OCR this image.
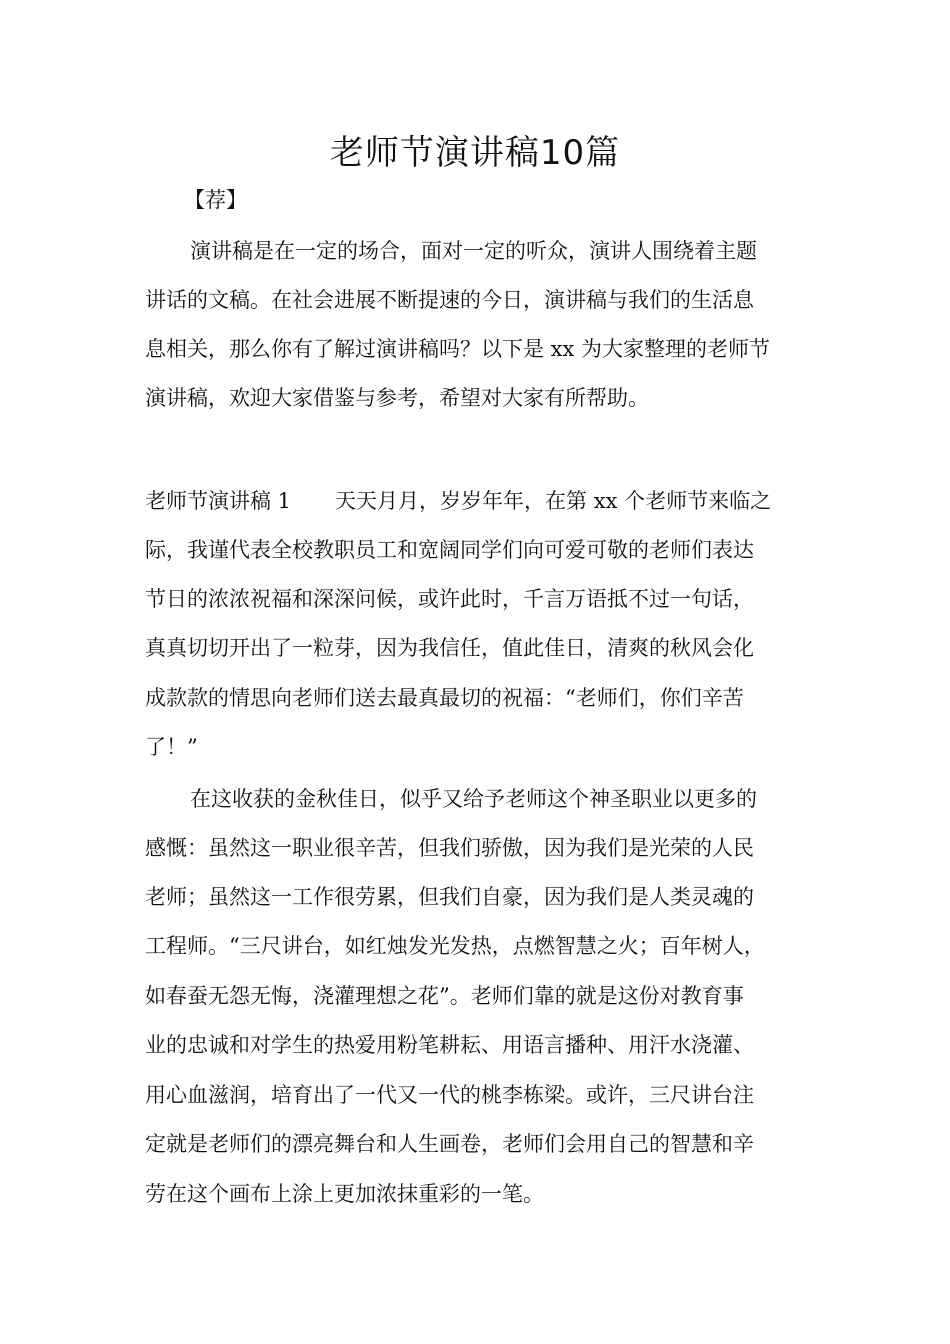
老师节演讲稿10篇
【荐】
演讲稿是在一定的场合，面对一定的听众，演讲人围绕着主题
讲话的文稿。在社会进展不断提速的今日，演讲稿与我们的生活息
息相关，那么你有了解过演讲稿吗？以下是 xx 为大家整理的老师节
演讲稿，欢迎大家借鉴与参考，希望对大家有所帮助。
老师节演讲稿 1 天天月月，岁岁年年，在第 xx 个老师节来临之
际，我谨代表全校教职员工和宽阔同学们向可爱可敬的老师们表达
节日的浓浓祝福和深深问候，或许此时，千言万语抵不过一句话，
真真切切开出了一粒芽，因为我信任，值此佳日，清爽的秋风会化
成款款的情思向老师们送去最真最切的祝福：“老师们，你们辛苦
了！”
在这收获的金秋佳日，似乎又给予老师这个神圣职业以更多的
感慨：虽然这一职业很辛苦，但我们骄傲，因为我们是光荣的人民
老师；虽然这一工作很劳累，但我们自豪，因为我们是人类灵魂的
工程师。“三尺讲台，如红烛发光发热，点燃智慧之火；百年树人，
如春蚕无怨无悔，浇灌理想之花”。老师们靠的就是这份对教育事
业的忠诚和对学生的热爱用粉笔耕耘、用语言播种、用汗水浇灌、
用心血滋润，培育出了一代又一代的桃李栋梁。或许，三尺讲台注
定就是老师们的漂亮舞台和人生画卷，老师们会用自己的智慧和辛
劳在这个画布上涂上更加浓抹重彩的一笔。
